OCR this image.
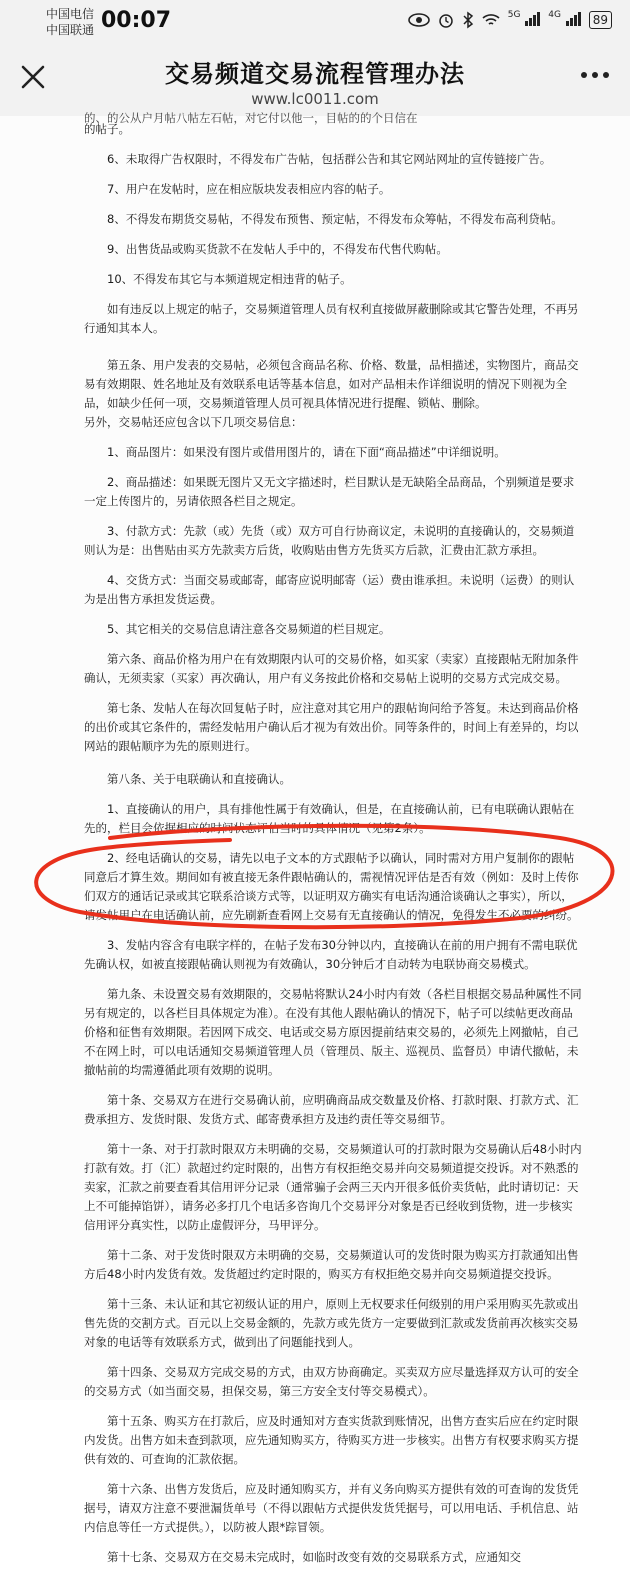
中国电信
中国联通 00:07	$^{5G}$	$^{4G}$	89
交易频道交易流程管理办法
www.lc0011.com

的帖子。

6、未取得广告权限时，不得发布广告帖，包括群公告和其它网站网址的宣传链接广告。

7、用户在发帖时，应在相应版块发表相应内容的帖子。

8、不得发布期货交易帖，不得发布预售、预定帖，不得发布众筹帖，不得发布高利贷帖。

9、出售货品或购买货款不在发帖人手中的，不得发布代售代购帖。

10、不得发布其它与本频道规定相违背的帖子。

如有违反以上规定的帖子，交易频道管理人员有权利直接做屏蔽删除或其它警告处理，不再另行通知其本人。

第五条、用户发表的交易帖，必须包含商品名称、价格、数量，品相描述，实物图片，商品交易有效期限、姓名地址及有效联系电话等基本信息，如对产品相未作详细说明的情况下则视为全品，如缺少任何一项，交易频道管理人员可视具体情况进行提醒、锁帖、删除。

另外，交易帖还应包含以下几项交易信息：

1、商品图片：如果没有图片或借用图片的，请在下面“商品描述”中详细说明。

2、商品描述：如果既无图片又无文字描述时，栏目默认是无缺陷全品商品，个别频道是要求一定上传图片的，另请依照各栏目之规定。

3、付款方式：先款（或）先货（或）双方可自行协商议定，未说明的直接确认的，交易频道则认为是：出售贴由买方先款卖方后货，收购贴由售方先货买方后款，汇费由汇款方承担。

4、交货方式：当面交易或邮寄，邮寄应说明邮寄（运）费由谁承担。未说明（运费）的则认为是出售方承担发货运费。

5、其它相关的交易信息请注意各交易频道的栏目规定。

第六条、商品价格为用户在有效期限内认可的交易价格，如买家（卖家）直接跟帖无附加条件确认，无须卖家（买家）再次确认，用户有义务按此价格和交易帖上说明的交易方式完成交易。

第七条、发帖人在每次回复帖子时，应注意对其它用户的跟帖询问给予答复。未达到商品价格的出价或其它条件的，需经发帖用户确认后才视为有效出价。同等条件的，时间上有差异的，均以网站的跟帖顺序为先的原则进行。

第八条、关于电联确认和直接确认。

1、直接确认的用户，具有排他性属于有效确认，但是，在直接确认前，已有电联确认跟帖在先的，栏目会依据相应的时间状态评估当时的具体情况（见第2条）。

2、经电话确认的交易，请先以电子文本的方式跟帖予以确认，同时需对方用户复制你的跟帖同意后才算生效。期间如有被直接无条件跟帖确认的，需视情况评估是否有效（例如：及时上传你们双方的通话记录或其它联系洽谈方式等，以证明双方确实有电话沟通洽谈确认之事实），所以，请发帖用户在电话确认前，应先刷新查看网上交易有无直接确认的情况，免得发生不必要的纠纷。

3、发帖内容含有电联字样的，在帖子发布30分钟以内，直接确认在前的用户拥有不需电联优先确认权，如被直接跟帖确认则视为有效确认，30分钟后才自动转为电联协商交易模式。

第九条、未设置交易有效期限的，交易帖将默认24小时内有效（各栏目根据交易品种属性不同另有规定的，以各栏目具体规定为准）。在没有其他人跟帖确认的情况下，帖子可以续帖更改商品价格和征售有效期限。若因网下成交、电话或交易方原因提前结束交易的，必须先上网撤帖，自己不在网上时，可以电话通知交易频道管理人员（管理员、版主、巡视员、监督员）申请代撤帖，未撤帖前的均需遵循此项有效期的说明。

第十条、交易双方在进行交易确认前，应明确商品成交数量及价格、打款时限、打款方式、汇费承担方、发货时限、发货方式、邮寄费承担方及违约责任等交易细节。

第十一条、对于打款时限双方未明确的交易，交易频道认可的打款时限为交易确认后48小时内打款有效。打（汇）款超过约定时限的，出售方有权拒绝交易并向交易频道提交投诉。对不熟悉的卖家，汇款之前要查看其信用评分记录（通常骗子会两三天内开很多低价卖货帖，此时请切记：天上不可能掉馅饼），请务必多打几个电话多咨询几个交易评分对象是否已经收到货物，进一步核实信用评分真实性，以防止虚假评分，马甲评分。

第十二条、对于发货时限双方未明确的交易，交易频道认可的发货时限为购买方打款通知出售方后48小时内发货有效。发货超过约定时限的，购买方有权拒绝交易并向交易频道提交投诉。

第十三条、未认证和其它初级认证的用户，原则上无权要求任何级别的用户采用购买先款或出售先货的交割方式。百元以上交易金额的，先款方或先货方一定要做到汇款或发货前再次核实交易对象的电话等有效联系方式，做到出了问题能找到人。

第十四条、交易双方完成交易的方式，由双方协商确定。买卖双方应尽量选择双方认可的安全的交易方式（如当面交易，担保交易，第三方安全支付等交易模式）。

第十五条、购买方在打款后，应及时通知对方查实货款到账情况，出售方查实后应在约定时限内发货。出售方如未查到款项，应先通知购买方，待购买方进一步核实。出售方有权要求购买方提供有效的、可查询的汇款依据。

第十六条、出售方发货后，应及时通知购买方，并有义务向购买方提供有效的可查询的发货凭据号，请双方注意不要泄漏货单号（不得以跟帖方式提供发货凭据号，可以用电话、手机信息、站内信息等任一方式提供。），以防被人跟*踪冒领。

第十七条、交易双方在交易未完成时，如临时改变有效的交易联系方式，应通知交

的、的公从户月帖八帖左石帖，对它付以他一，目帖的的个日信在
